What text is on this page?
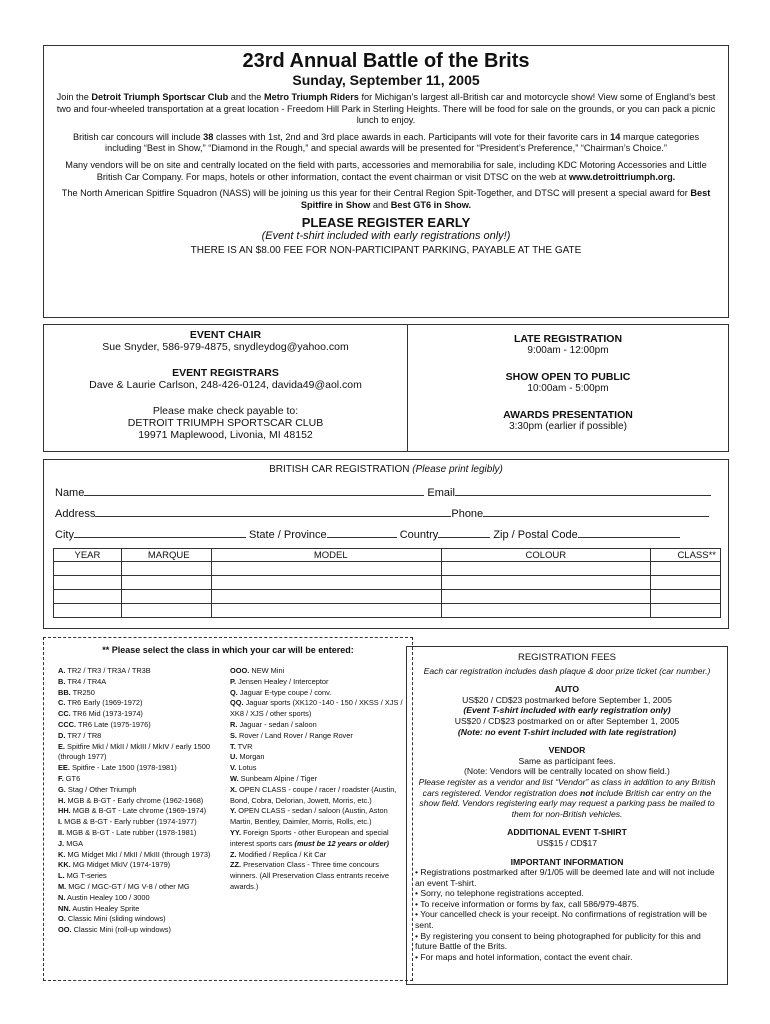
23rd Annual Battle of the Brits
Sunday, September 11, 2005
Join the Detroit Triumph Sportscar Club and the Metro Triumph Riders for Michigan’s largest all-British car and motorcycle show! View some of England’s best two and four-wheeled transportation at a great location - Freedom Hill Park in Sterling Heights. There will be food for sale on the grounds, or you can pack a picnic lunch to enjoy.
British car concours will include 38 classes with 1st, 2nd and 3rd place awards in each. Participants will vote for their favorite cars in 14 marque categories including “Best in Show,” “Diamond in the Rough,” and special awards will be presented for “President’s Preference,” “Chairman’s Choice.”
Many vendors will be on site and centrally located on the field with parts, accessories and memorabilia for sale, including KDC Motoring Accessories and Little British Car Company. For maps, hotels or other information, contact the event chairman or visit DTSC on the web at www.detroittriumph.org.
The North American Spitfire Squadron (NASS) will be joining us this year for their Central Region Spit-Together, and DTSC will present a special award for Best Spitfire in Show and Best GT6 in Show.
PLEASE REGISTER EARLY
(Event t-shirt included with early registrations only!)
THERE IS AN $8.00 FEE FOR NON-PARTICIPANT PARKING, PAYABLE AT THE GATE
EVENT CHAIR
Sue Snyder, 586-979-4875, snydleydog@yahoo.com
EVENT REGISTRARS
Dave & Laurie Carlson, 248-426-0124, davida49@aol.com
Please make check payable to:
DETROIT TRIUMPH SPORTSCAR CLUB
19971 Maplewood, Livonia, MI 48152
LATE REGISTRATION
9:00am - 12:00pm
SHOW OPEN TO PUBLIC
10:00am - 5:00pm
AWARDS PRESENTATION
3:30pm (earlier if possible)
BRITISH CAR REGISTRATION (Please print legibly)
Name	Email
Address	Phone
City	State / Province	Country	Zip / Postal Code
YEAR	MARQUE	MODEL	COLOUR	CLASS**

** Please select the class in which your car will be entered:
A. TR2 / TR3 / TR3A / TR3B
B. TR4 / TR4A
BB. TR250
C. TR6 Early (1969-1972)
CC. TR6 Mid (1973-1974)
CCC. TR6 Late (1975-1976)
D. TR7 / TR8
E. Spitfire MkI / MkII / MkIII / MkIV / early 1500 (through 1977)
EE. Spitfire - Late 1500 (1978-1981)
F. GT6
G. Stag / Other Triumph
H. MGB & B-GT - Early chrome (1962-1968)
HH. MGB & B-GT - Late chrome (1969-1974)
I. MGB & B-GT - Early rubber (1974-1977)
II. MGB & B-GT - Late rubber (1978-1981)
J. MGA
K. MG Midget MkI / MkII / MkIII (through 1973)
KK. MG Midget MkIV (1974-1979)
L. MG T-series
M. MGC / MGC-GT / MG V-8 / other MG
N. Austin Healey 100 / 3000
NN. Austin Healey Sprite
O. Classic Mini (sliding windows)
OO. Classic Mini (roll-up windows)
OOO. NEW Mini
P. Jensen Healey / Interceptor
Q. Jaguar E-type coupe / conv.
QQ. Jaguar sports (XK120 -140 - 150 / XKSS / XJS / XK8 / XJS / other sports)
R. Jaguar - sedan / saloon
S. Rover / Land Rover / Range Rover
T. TVR
U. Morgan
V. Lotus
W. Sunbeam Alpine / Tiger
X. OPEN CLASS - coupe / racer / roadster (Austin, Bond, Cobra, Delorian, Jowett, Morris, etc.)
Y. OPEN CLASS - sedan / saloon (Austin, Aston Martin, Bentley, Daimler, Morris, Rolls, etc.)
YY. Foreign Sports - other European and special interest sports cars (must be 12 years or older)
Z. Modified / Replica / Kit Car
ZZ. Preservation Class - Three time concours winners. (All Preservation Class entrants receive awards.)
REGISTRATION FEES
Each car registration includes dash plaque & door prize ticket (car number.)
AUTO
US$20 / CD$23 postmarked before September 1, 2005
(Event T-shirt included with early registration only)
US$20 / CD$23 postmarked on or after September 1, 2005
(Note: no event T-shirt included with late registration)
VENDOR
Same as participant fees.
(Note: Vendors will be centrally located on show field.)
Please register as a vendor and list “Vendor” as class in addition to any British cars registered. Vendor registration does not include British car entry on the show field. Vendors registering early may request a parking pass be mailed to them for non-British vehicles.
ADDITIONAL EVENT T-SHIRT
US$15 / CD$17
IMPORTANT INFORMATION
• Registrations postmarked after 9/1/05 will be deemed late and will not include an event T-shirt.
• Sorry, no telephone registrations accepted.
• To receive information or forms by fax, call 586/979-4875.
• Your cancelled check is your receipt. No confirmations of registration will be sent.
• By registering you consent to being photographed for publicity for this and future Battle of the Brits.
• For maps and hotel information, contact the event chair.
